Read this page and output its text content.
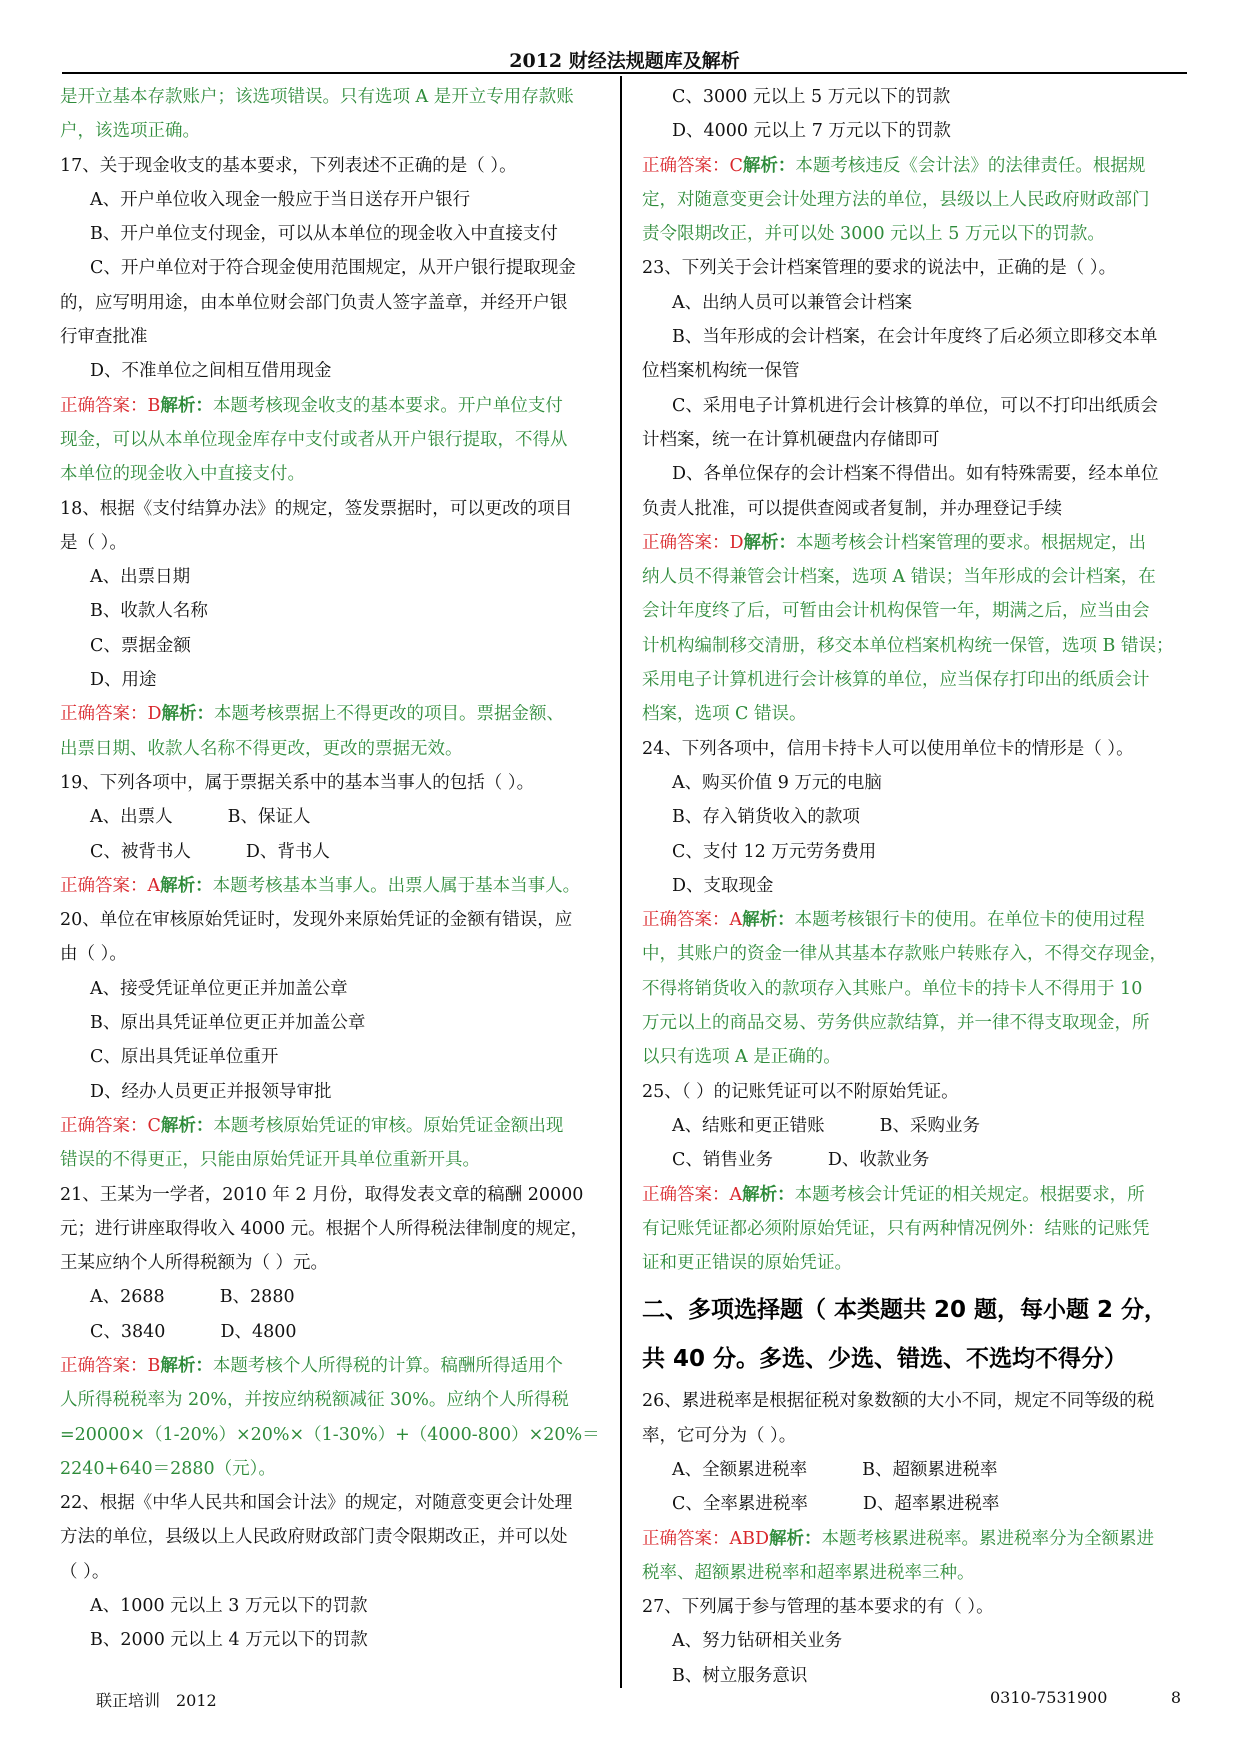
2012 财经法规题库及解析
是开立基本存款账户；该选项错误。只有选项 A 是开立专用存款账
户，该选项正确。
17、关于现金收支的基本要求，下列表述不正确的是（ ）。
A、开户单位收入现金一般应于当日送存开户银行
B、开户单位支付现金，可以从本单位的现金收入中直接支付
C、开户单位对于符合现金使用范围规定，从开户银行提取现金
的，应写明用途，由本单位财会部门负责人签字盖章，并经开户银
行审查批准
D、不准单位之间相互借用现金
正确答案：B解析：本题考核现金收支的基本要求。开户单位支付
现金，可以从本单位现金库存中支付或者从开户银行提取，不得从
本单位的现金收入中直接支付。
18、根据《支付结算办法》的规定，签发票据时，可以更改的项目
是（ ）。
A、出票日期
B、收款人名称
C、票据金额
D、用途
正确答案：D解析：本题考核票据上不得更改的项目。票据金额、
出票日期、收款人名称不得更改，更改的票据无效。
19、下列各项中，属于票据关系中的基本当事人的包括（ ）。
A、出票人	B、保证人
C、被背书人	D、背书人
正确答案：A解析：本题考核基本当事人。出票人属于基本当事人。
20、单位在审核原始凭证时，发现外来原始凭证的金额有错误，应
由（ ）。
A、接受凭证单位更正并加盖公章
B、原出具凭证单位更正并加盖公章
C、原出具凭证单位重开
D、经办人员更正并报领导审批
正确答案：C解析：本题考核原始凭证的审核。原始凭证金额出现
错误的不得更正，只能由原始凭证开具单位重新开具。
21、王某为一学者，2010 年 2 月份，取得发表文章的稿酬 20000
元；进行讲座取得收入 4000 元。根据个人所得税法律制度的规定，
王某应纳个人所得税额为（ ）元。
A、2688	B、2880
C、3840	D、4800
正确答案：B解析：本题考核个人所得税的计算。稿酬所得适用个
人所得税税率为 20%，并按应纳税额减征 30%。应纳个人所得税
=20000×（1-20%）×20%×（1-30%）+（4000-800）×20%＝
2240+640＝2880（元）。
22、根据《中华人民共和国会计法》的规定，对随意变更会计处理
方法的单位，县级以上人民政府财政部门责令限期改正，并可以处
（ ）。
A、1000 元以上 3 万元以下的罚款
B、2000 元以上 4 万元以下的罚款
C、3000 元以上 5 万元以下的罚款
D、4000 元以上 7 万元以下的罚款
正确答案：C解析：本题考核违反《会计法》的法律责任。根据规
定，对随意变更会计处理方法的单位，县级以上人民政府财政部门
责令限期改正，并可以处 3000 元以上 5 万元以下的罚款。
23、下列关于会计档案管理的要求的说法中，正确的是（ ）。
A、出纳人员可以兼管会计档案
B、当年形成的会计档案，在会计年度终了后必须立即移交本单
位档案机构统一保管
C、采用电子计算机进行会计核算的单位，可以不打印出纸质会
计档案，统一在计算机硬盘内存储即可
D、各单位保存的会计档案不得借出。如有特殊需要，经本单位
负责人批准，可以提供查阅或者复制，并办理登记手续
正确答案：D解析：本题考核会计档案管理的要求。根据规定，出
纳人员不得兼管会计档案，选项 A 错误；当年形成的会计档案，在
会计年度终了后，可暂由会计机构保管一年，期满之后，应当由会
计机构编制移交清册，移交本单位档案机构统一保管，选项 B 错误；
采用电子计算机进行会计核算的单位，应当保存打印出的纸质会计
档案，选项 C 错误。
24、下列各项中，信用卡持卡人可以使用单位卡的情形是（ ）。
A、购买价值 9 万元的电脑
B、存入销货收入的款项
C、支付 12 万元劳务费用
D、支取现金
正确答案：A解析：本题考核银行卡的使用。在单位卡的使用过程
中，其账户的资金一律从其基本存款账户转账存入，不得交存现金，
不得将销货收入的款项存入其账户。单位卡的持卡人不得用于 10
万元以上的商品交易、劳务供应款结算，并一律不得支取现金，所
以只有选项 A 是正确的。
25、（ ）的记账凭证可以不附原始凭证。
A、结账和更正错账	B、采购业务
C、销售业务	D、收款业务
正确答案：A解析：本题考核会计凭证的相关规定。根据要求，所
有记账凭证都必须附原始凭证，只有两种情况例外：结账的记账凭
证和更正错误的原始凭证。
二、多项选择题（ 本类题共 20 题，每小题 2 分，
共 40 分。多选、少选、错选、不选均不得分）
26、累进税率是根据征税对象数额的大小不同，规定不同等级的税
率，它可分为（ ）。
A、全额累进税率	B、超额累进税率
C、全率累进税率	D、超率累进税率
正确答案：ABD解析：本题考核累进税率。累进税率分为全额累进
税率、超额累进税率和超率累进税率三种。
27、下列属于参与管理的基本要求的有（ ）。
A、努力钻研相关业务
B、树立服务意识
联正培训　2012	0310-7531900	8
